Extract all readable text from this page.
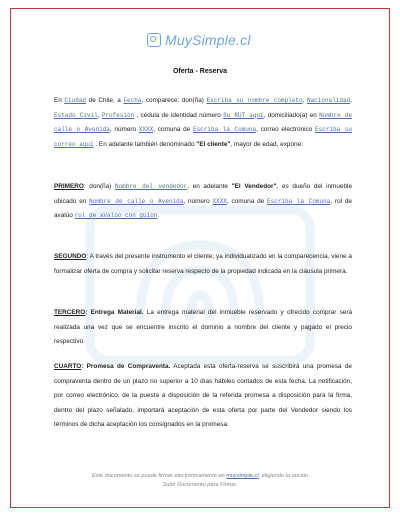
MuySimple.cl
Oferta - Reserva
En Ciudad de Chile, a Fecha, comparece: don(ña) Escriba su nombre completo, Nacionalidad, Estado Civil, Profesión , cédula de identidad número Su RUT aquí, domiciliado(a) en Nombre de calle o Avenida, número XXXX, comuna de Escriba la Comuna, correo electrónico Escriba su correo aquí . En adelante también denominado "El cliente", mayor de edad, expone:
PRIMERO: don(ña) Nombre del vendedor, en adelante "El Vendedor", es dueño del inmueble ubicado en Nombre de calle o Avenida, número XXXX, comuna de Escriba la Comuna, rol de avalúo rol de avalúo con guion.
SEGUNDO: A través del presente instrumento el cliente, ya individualizado en la comparecencia, viene a formalizar oferta de compra y solicitar reserva respecto de la propiedad indicada en la cláusula primera.
TERCERO: Entrega Material. La entrega material del inmueble reservado y ofrecido comprar será realizada una vez que se encuentre inscrito el dominio a nombre del cliente y pagado el precio respectivo.
CUARTO: Promesa de Compraventa. Aceptada esta oferta-reserva se suscribirá una promesa de compraventa dentro de un plazo no superior a 10 días hábiles contados de esta fecha. La notificación, por correo electrónico, de la puesta a disposición de la referida promesa a disposición para la firma, dentro del plazo señalado, importará aceptación de esta oferta por parte del Vendedor siendo los términos de dicha aceptación los consignados en la promesa.
Este documento se puede firmar electrónicamente en muysimple.cl, eligiendo la opción
Subir Documento para Firmar.
